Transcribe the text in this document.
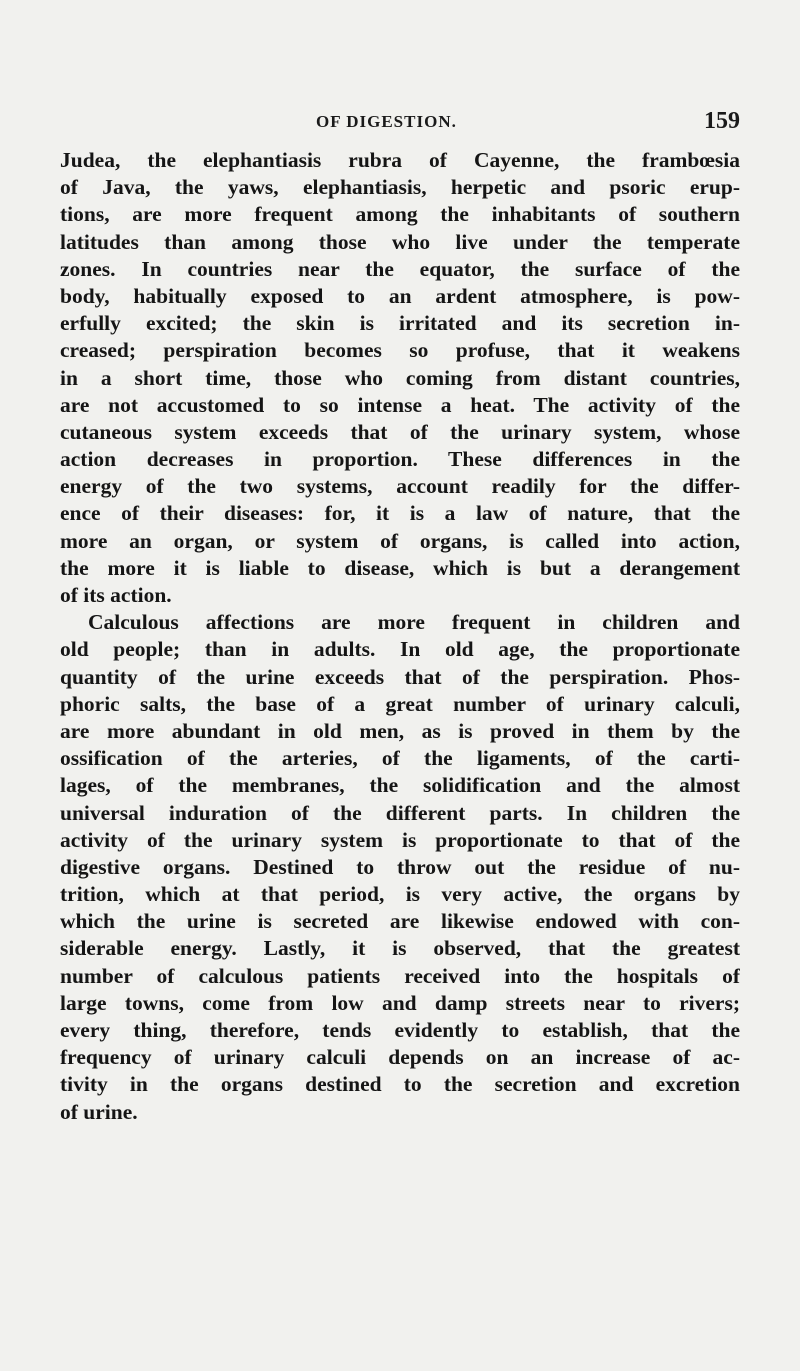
OF DIGESTION.	159
Judea, the elephantiasis rubra of Cayenne, the frambœsia
of Java, the yaws, elephantiasis, herpetic and psoric erup-
tions, are more frequent among the inhabitants of southern
latitudes than among those who live under the temperate
zones. In countries near the equator, the surface of the
body, habitually exposed to an ardent atmosphere, is pow-
erfully excited; the skin is irritated and its secretion in-
creased; perspiration becomes so profuse, that it weakens
in a short time, those who coming from distant countries,
are not accustomed to so intense a heat. The activity of the
cutaneous system exceeds that of the urinary system, whose
action decreases in proportion. These differences in the
energy of the two systems, account readily for the differ-
ence of their diseases: for, it is a law of nature, that the
more an organ, or system of organs, is called into action,
the more it is liable to disease, which is but a derangement
of its action.
Calculous affections are more frequent in children and
old people; than in adults. In old age, the proportionate
quantity of the urine exceeds that of the perspiration. Phos-
phoric salts, the base of a great number of urinary calculi,
are more abundant in old men, as is proved in them by the
ossification of the arteries, of the ligaments, of the carti-
lages, of the membranes, the solidification and the almost
universal induration of the different parts. In children the
activity of the urinary system is proportionate to that of the
digestive organs. Destined to throw out the residue of nu-
trition, which at that period, is very active, the organs by
which the urine is secreted are likewise endowed with con-
siderable energy. Lastly, it is observed, that the greatest
number of calculous patients received into the hospitals of
large towns, come from low and damp streets near to rivers;
every thing, therefore, tends evidently to establish, that the
frequency of urinary calculi depends on an increase of ac-
tivity in the organs destined to the secretion and excretion
of urine.
